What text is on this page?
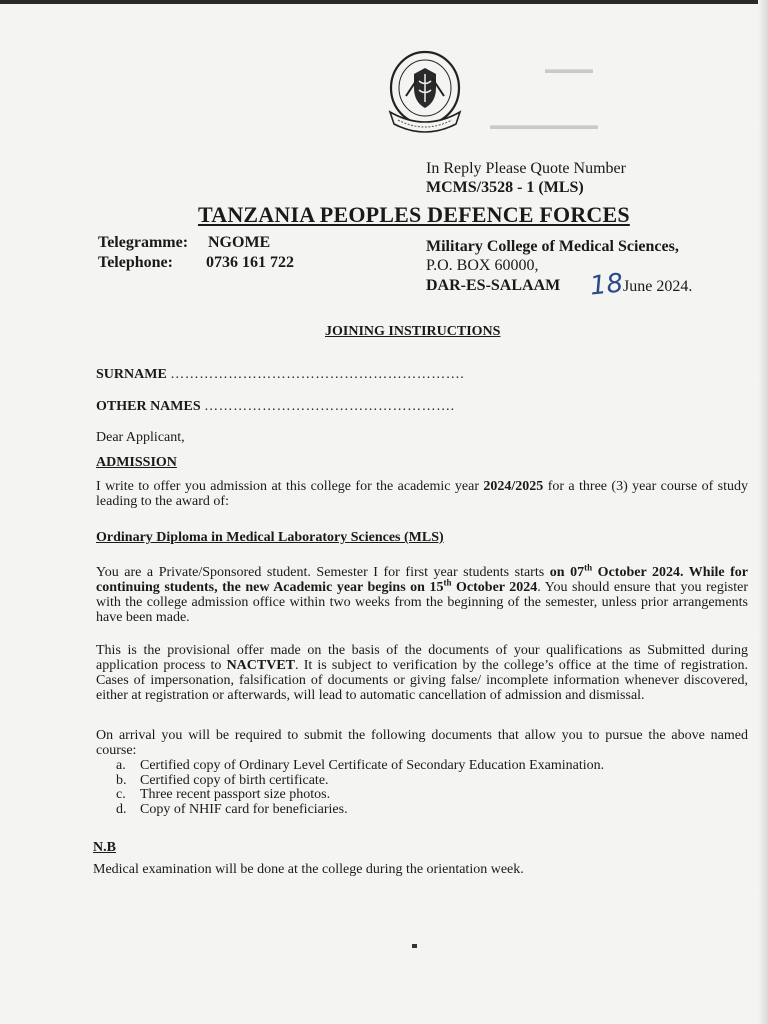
▬▬▬▬
▬▬▬▬▬▬▬▬▬
In Reply Please Quote Number
MCMS/3528 - 1 (MLS)
TANZANIA PEOPLES DEFENCE FORCES
Telegramme: NGOME
Telephone: 0736 161 722
Military College of Medical Sciences,
P.O. BOX 60000,
DAR-ES-SALAAM 18
June 2024.
JOINING INSTIRUCTIONS
SURNAME …………………………………………………….
OTHER NAMES …………………………………………….
Dear Applicant,
ADMISSION
I write to offer you admission at this college for the academic year 2024/2025 for a three (3) year course of study leading to the award of:
Ordinary Diploma in Medical Laboratory Sciences (MLS)
You are a Private/Sponsored student. Semester I for first year students starts on 07th October 2024. While for continuing students, the new Academic year begins on 15th October 2024. You should ensure that you register with the college admission office within two weeks from the beginning of the semester, unless prior arrangements have been made.
This is the provisional offer made on the basis of the documents of your qualifications as Submitted during application process to NACTVET. It is subject to verification by the college’s office at the time of registration. Cases of impersonation, falsification of documents or giving false/ incomplete information whenever discovered, either at registration or afterwards, will lead to automatic cancellation of admission and dismissal.
On arrival you will be required to submit the following documents that allow you to pursue the above named course:
a.	Certified copy of Ordinary Level Certificate of Secondary Education Examination.
b. Certified copy of birth certificate.
c.	Three recent passport size photos.
d. Copy of NHIF card for beneficiaries.
N.B
Medical examination will be done at the college during the orientation week.
